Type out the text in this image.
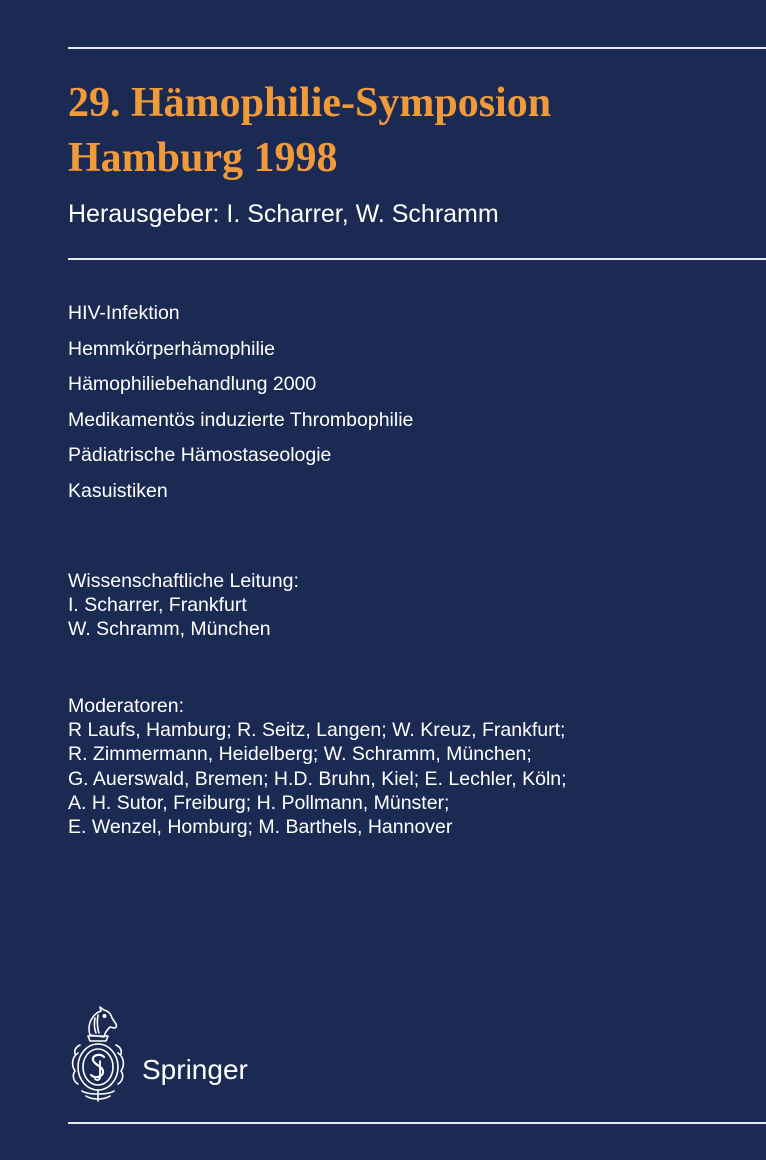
29. Hämophilie-Symposion
Hamburg 1998
Herausgeber: I. Scharrer, W. Schramm
HIV-Infektion
Hemmkörperhämophilie
Hämophiliebehandlung 2000
Medikamentös induzierte Thrombophilie
Pädiatrische Hämostaseologie
Kasuistiken
Wissenschaftliche Leitung:
I. Scharrer, Frankfurt
W. Schramm, München
Moderatoren:
R Laufs, Hamburg; R. Seitz, Langen; W. Kreuz, Frankfurt;
R. Zimmermann, Heidelberg; W. Schramm, München;
G. Auerswald, Bremen; H.D. Bruhn, Kiel; E. Lechler, Köln;
A. H. Sutor, Freiburg; H. Pollmann, Münster;
E. Wenzel, Homburg; M. Barthels, Hannover
Springer
